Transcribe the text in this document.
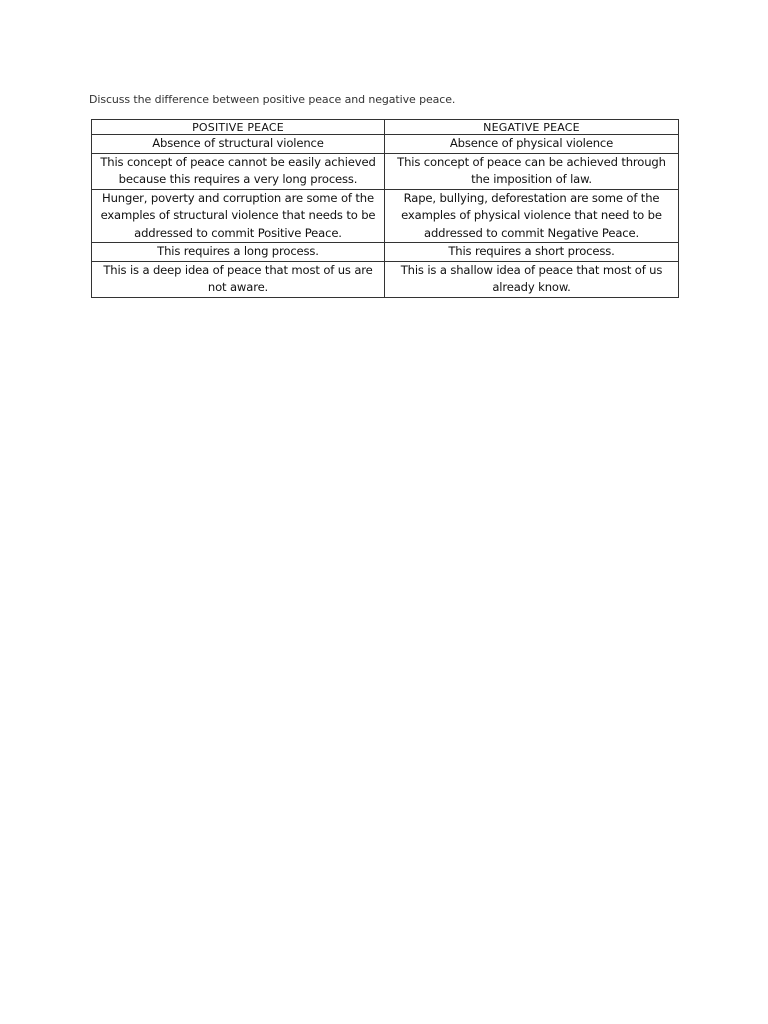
Discuss the difference between positive peace and negative peace.
POSITIVE PEACE	NEGATIVE PEACE
Absence of structural violence	Absence of physical violence
This concept of peace cannot be easily achieved because this requires a very long process.	This concept of peace can be achieved through the imposition of law.
Hunger, poverty and corruption are some of the examples of structural violence that needs to be addressed to commit Positive Peace.	Rape, bullying, deforestation are some of the examples of physical violence that need to be addressed to commit Negative Peace.
This requires a long process.	This requires a short process.
This is a deep idea of peace that most of us are not aware.	This is a shallow idea of peace that most of us already know.
